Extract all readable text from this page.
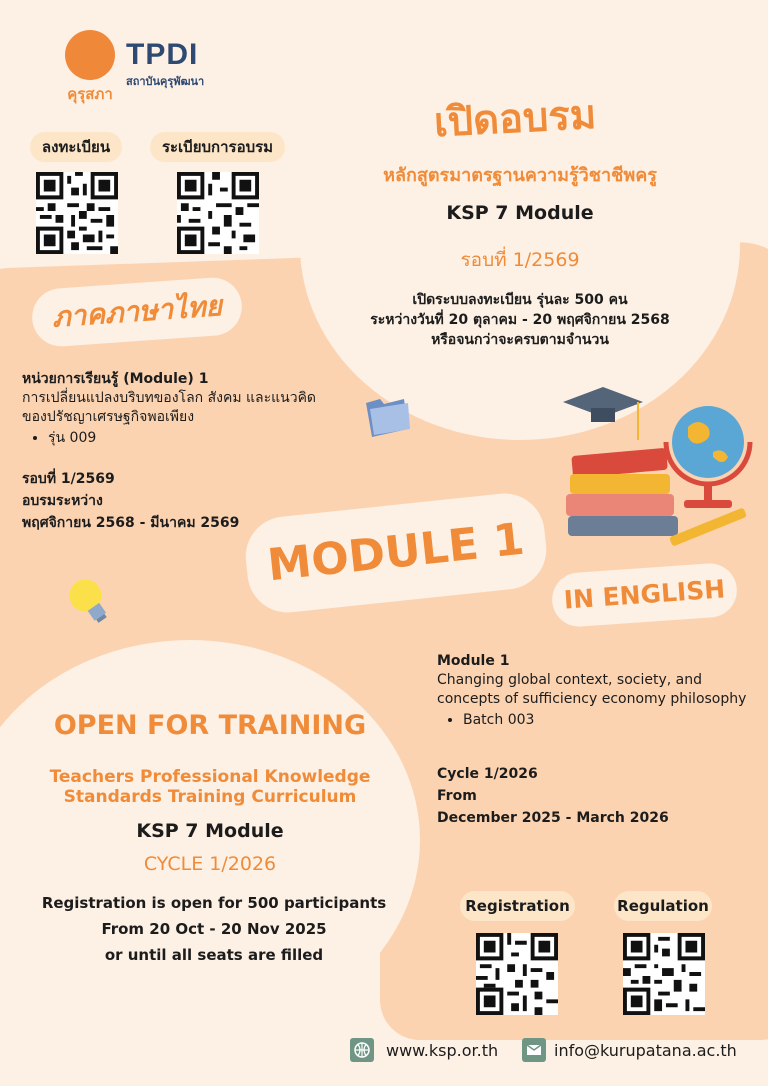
คุรุสภา
TPDI
สถาบันคุรุพัฒนา
ลงทะเบียน	ระเบียบการอบรม
เปิดอบรม
หลักสูตรมาตรฐานความรู้วิชาชีพครู
KSP 7 Module
รอบที่ 1/2569
เปิดระบบลงทะเบียน รุ่นละ 500 คน
ระหว่างวันที่ 20 ตุลาคม - 20 พฤศจิกายน 2568
หรือจนกว่าจะครบตามจำนวน
ภาคภาษาไทย
หน่วยการเรียนรู้ (Module) 1
การเปลี่ยนแปลงบริบทของโลก สังคม และแนวคิดของปรัชญาเศรษฐกิจพอเพียง
• รุ่น 009
รอบที่ 1/2569
อบรมระหว่าง
พฤศจิกายน 2568 - มีนาคม 2569 MODULE 1
IN ENGLISH
Module 1
Changing global context, society, and concepts of sufficiency economy philosophy
• Batch 003
Cycle 1/2026
From
December 2025 - March 2026
OPEN FOR TRAINING
Teachers Professional Knowledge
Standards Training Curriculum
KSP 7 Module
CYCLE 1/2026
Registration is open for 500 participants
From 20 Oct - 20 Nov 2025
or until all seats are filled
Registration	Regulation
www.ksp.or.th	info@kurupatana.ac.th
